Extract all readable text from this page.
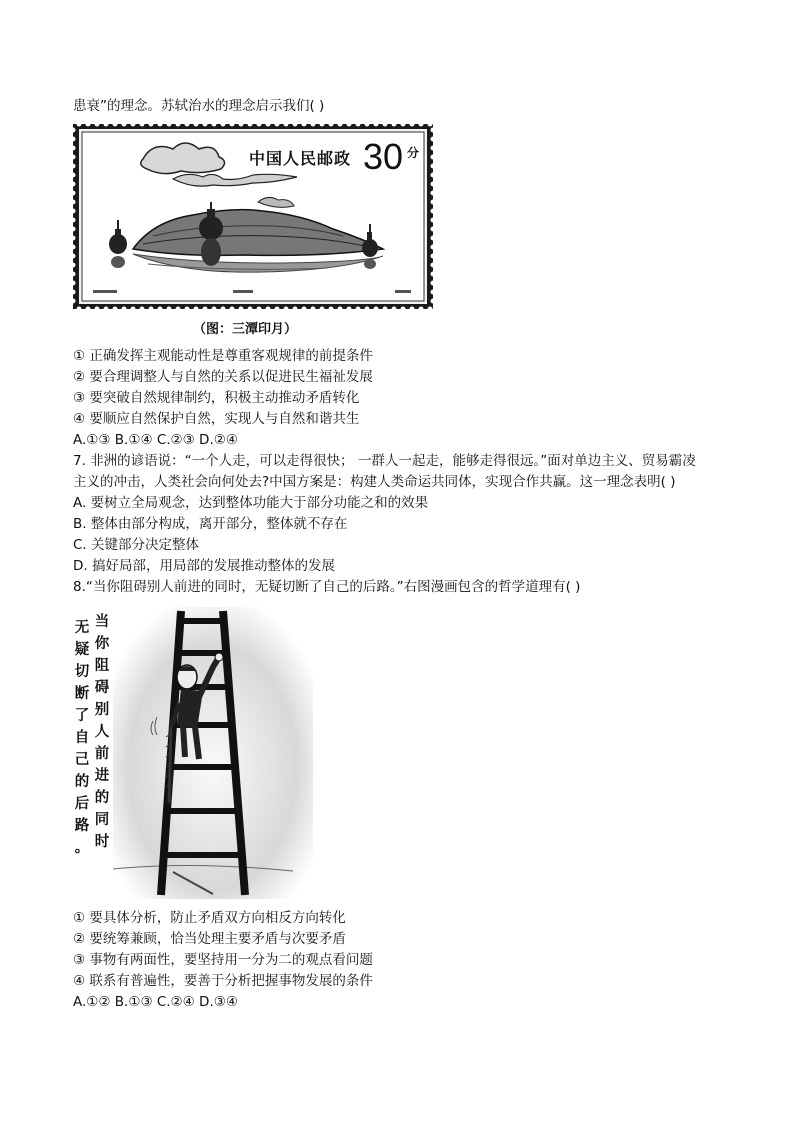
患衰”的理念。苏轼治水的理念启示我们( )
中国人民邮政 30 分
（图：三潭印月）
① 正确发挥主观能动性是尊重客观规律的前提条件
② 要合理调整人与自然的关系以促进民生福祉发展
③ 要突破自然规律制约，积极主动推动矛盾转化
④ 要顺应自然保护自然，实现人与自然和谐共生
A.①③ B.①④ C.②③ D.②④
7. 非洲的谚语说：“一个人走，可以走得很快； 一群人一起走，能够走得很远。”面对单边主义、贸易霸凌
主义的冲击，人类社会向何处去?中国方案是：构建人类命运共同体，实现合作共赢。这一理念表明( )
A. 要树立全局观念，达到整体功能大于部分功能之和的效果
B. 整体由部分构成，离开部分，整体就不存在
C. 关键部分决定整体
D. 搞好局部，用局部的发展推动整体的发展
8.“当你阻碍别人前进的同时，无疑切断了自己的后路。”右图漫画包含的哲学道理有( )
当
你
阻
碍
别
人
前
进
的
同
时
无
疑
切
断
了
自
己
的
后
路
。
① 要具体分析，防止矛盾双方向相反方向转化
② 要统筹兼顾，恰当处理主要矛盾与次要矛盾
③ 事物有两面性，要坚持用一分为二的观点看问题
④ 联系有普遍性，要善于分析把握事物发展的条件
A.①② B.①③ C.②④ D.③④
